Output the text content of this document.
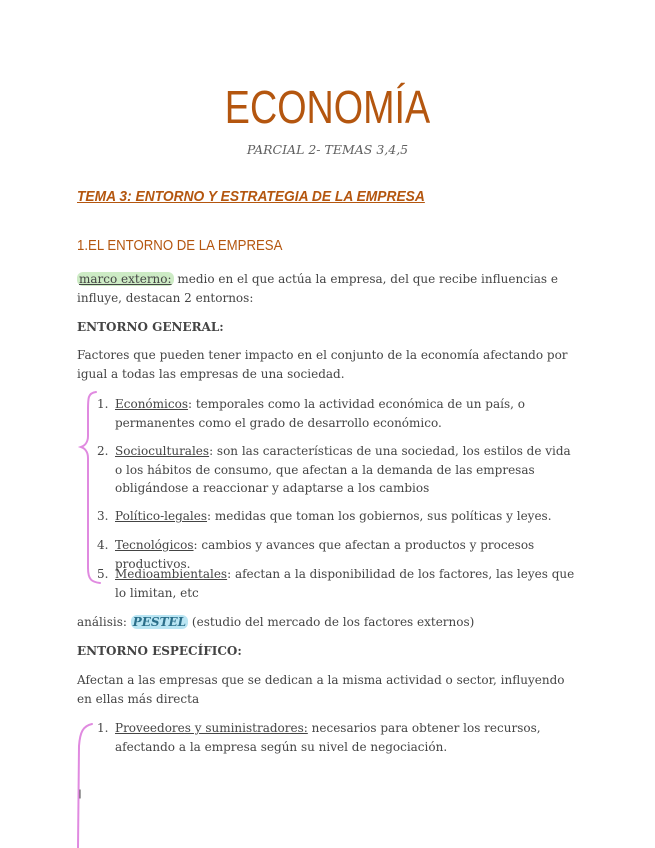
ECONOMÍA
PARCIAL 2- TEMAS 3,4,5
TEMA 3: ENTORNO Y ESTRATEGIA DE LA EMPRESA
1.EL ENTORNO DE LA EMPRESA
marco externo: medio en el que actúa la empresa, del que recibe influencias e influye, destacan 2 entornos:
ENTORNO GENERAL:
Factores que pueden tener impacto en el conjunto de la economía afectando por igual a todas las empresas de una sociedad.
1. Económicos: temporales como la actividad económica de un país, o permanentes como el grado de desarrollo económico.
2. Socioculturales: son las características de una sociedad, los estilos de vida o los hábitos de consumo, que afectan a la demanda de las empresas obligándose a reaccionar y adaptarse a los cambios
3. Político-legales: medidas que toman los gobiernos, sus políticas y leyes.
4. Tecnológicos: cambios y avances que afectan a productos y procesos productivos.
5. Medioambientales: afectan a la disponibilidad de los factores, las leyes que lo limitan, etc
análisis: PESTEL (estudio del mercado de los factores externos)
ENTORNO ESPECÍFICO:
Afectan a las empresas que se dedican a la misma actividad o sector, influyendo en ellas más directa
1. Proveedores y suministradores: necesarios para obtener los recursos, afectando a la empresa según su nivel de negociación.
